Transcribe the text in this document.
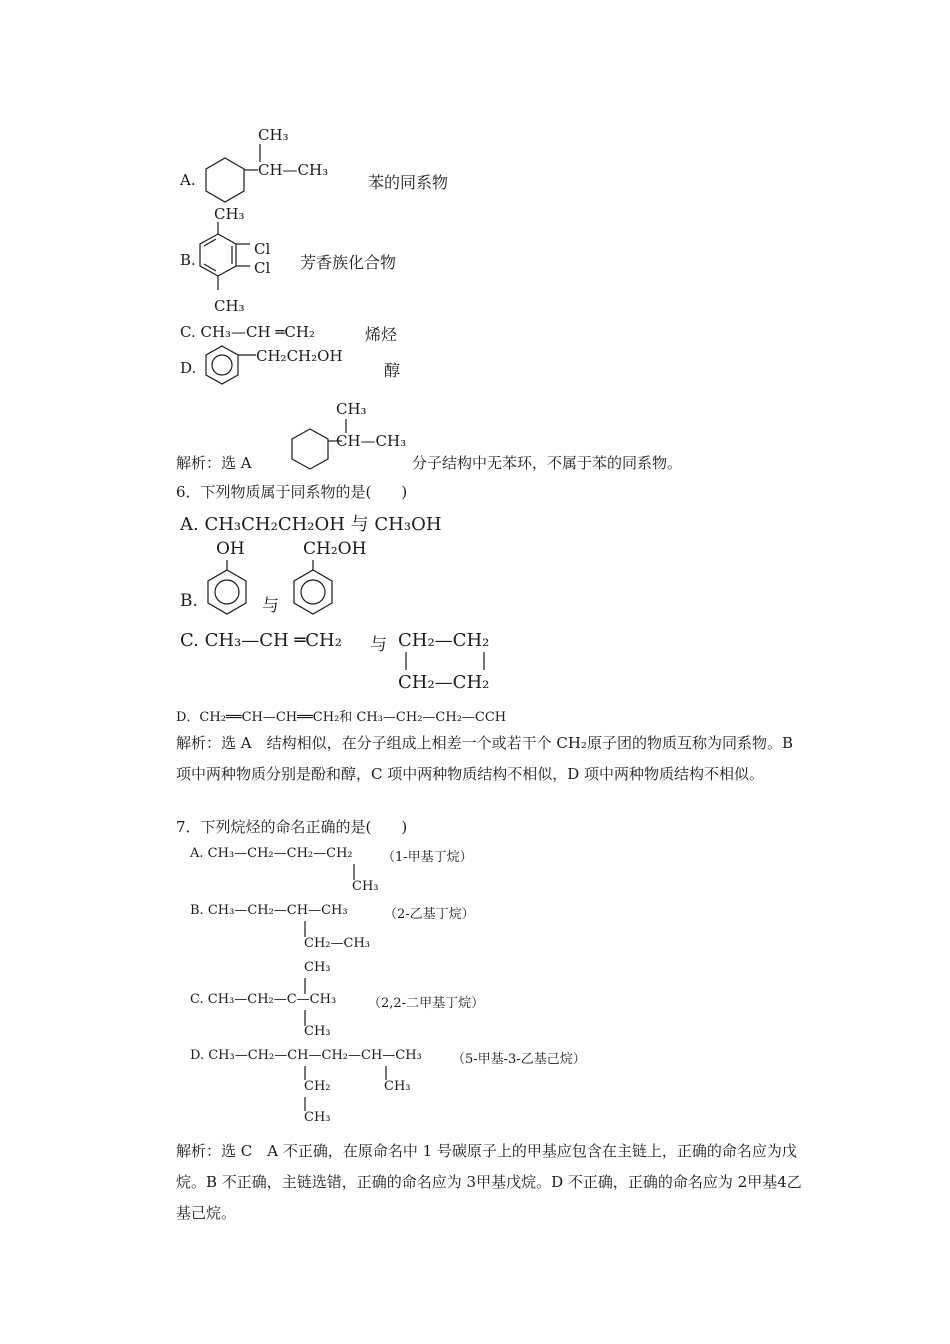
A.
CH₃
CH—CH₃
苯的同系物
B.
CH₃
Cl
Cl
CH₃
芳香族化合物
C. CH₃—CH ═CH₂	烯烃
D.
CH₂CH₂OH
醇
解析：选 A
CH₃
CH—CH₃
分子结构中无苯环，不属于苯的同系物。
6．下列物质属于同系物的是(　　)
A. CH₃CH₂CH₂OH 与 CH₃OH
OH	CH₂OH
B.	与
C. CH₃—CH ═CH₂ 与 CH₂—CH₂
CH₂—CH₂
D．CH₂══CH—CH══CH₂和 CH₃—CH₂—CH₂—CCH
解析：选 A　结构相似，在分子组成上相差一个或若干个 CH₂原子团的物质互称为同系物。B 项中两种物质分别是酚和醇，C 项中两种物质结构不相似，D 项中两种物质结构不相似。
7．下列烷烃的命名正确的是(　　)
A. CH₃—CH₂—CH₂—CH₂ （1-甲基丁烷）
CH₃
B. CH₃—CH₂—CH—CH₃	（2-乙基丁烷）
CH₂—CH₃
CH₃
C. CH₃—CH₂—C—CH₃ （2,2-二甲基丁烷）
CH₃
D. CH₃—CH₂—CH—CH₂—CH—CH₃ （5-甲基-3-乙基己烷）
CH₂
CH₃
CH₃
解析：选 C　A 不正确，在原命名中 1 号碳原子上的甲基应包含在主链上，正确的命名应为戊烷。B 不正确，主链选错，正确的命名应为 3甲基戊烷。D 不正确，正确的命名应为 2甲基4乙基己烷。
